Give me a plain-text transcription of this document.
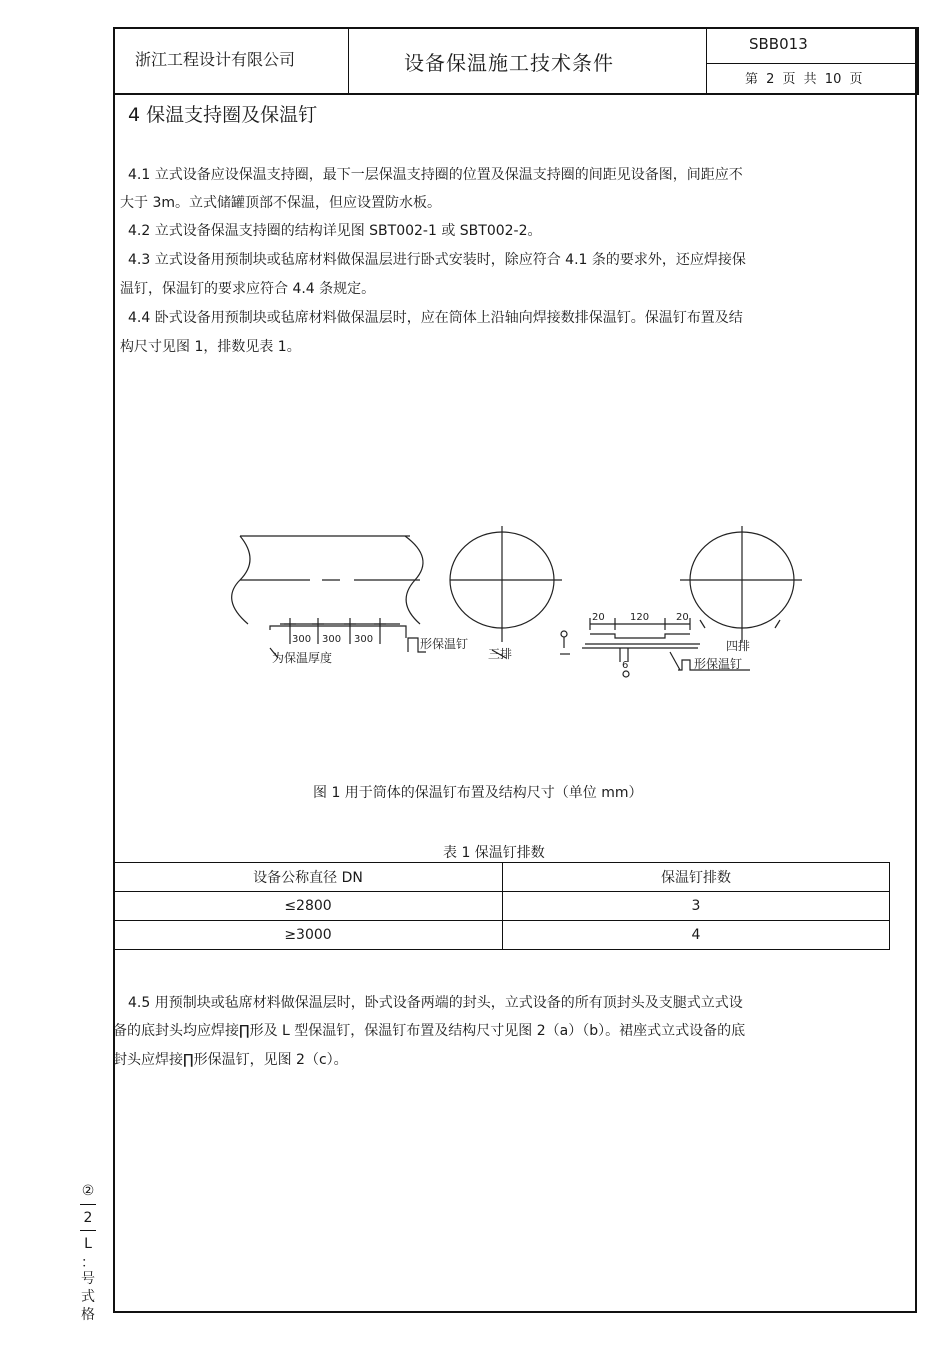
浙江工程设计有限公司	设备保温施工技术条件
SBB013
第 2 页 共 10 页
4 保温支持圈及保温钉
4.1 立式设备应设保温支持圈，最下一层保温支持圈的位置及保温支持圈的间距见设备图，间距应不
大于 3m。立式储罐顶部不保温，但应设置防水板。
4.2 立式设备保温支持圈的结构详见图 SBT002-1 或 SBT002-2。
4.3 立式设备用预制块或毡席材料做保温层进行卧式安装时，除应符合 4.1 条的要求外，还应焊接保
温钉，保温钉的要求应符合 4.4 条规定。
4.4 卧式设备用预制块或毡席材料做保温层时，应在筒体上沿轴向焊接数排保温钉。保温钉布置及结
构尺寸见图 1，排数见表 1。
300 300 300
20	120	20
6
为保温厚度
形保温钉
三排
四排
形保温钉
图 1 用于筒体的保温钉布置及结构尺寸（单位 mm）
表 1 保温钉排数
设备公称直径 DN	保温钉排数
≤2800	3
≥3000	4
4.5 用预制块或毡席材料做保温层时，卧式设备两端的封头，立式设备的所有顶封头及支腿式立式设
备的底封头均应焊接∏形及 L 型保温钉，保温钉布置及结构尺寸见图 2（a）（b）。裙座式立式设备的底
封头应焊接∏形保温钉，见图 2（c）。
②
2
L
：
号
式
格
